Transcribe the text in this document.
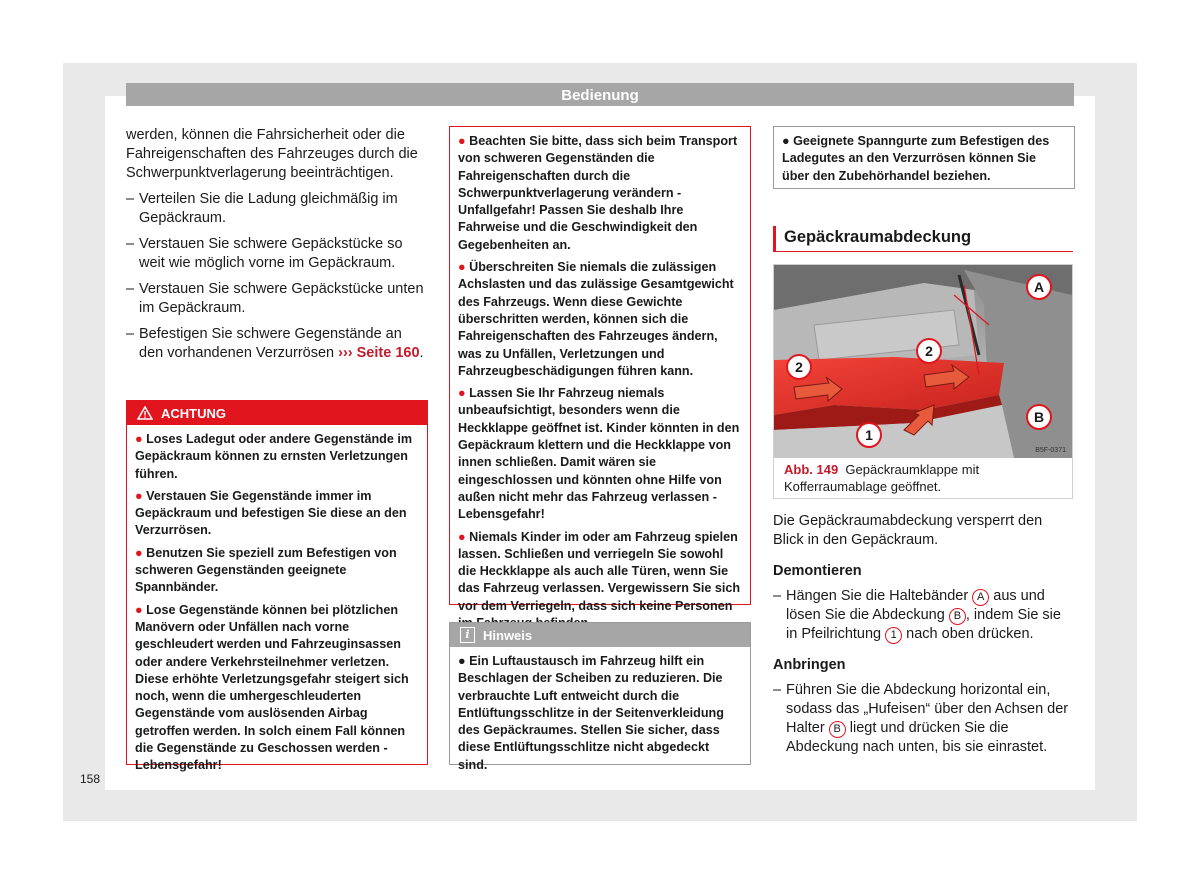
Bedienung

werden, können die Fahrsicherheit oder die Fahreigenschaften des Fahrzeuges durch die Schwerpunktverlagerung beeinträchtigen.

– Verteilen Sie die Ladung gleichmäßig im Gepäckraum.
– Verstauen Sie schwere Gepäckstücke so weit wie möglich vorne im Gepäckraum.
– Verstauen Sie schwere Gepäckstücke unten im Gepäckraum.
– Befestigen Sie schwere Gegenstände an den vorhandenen Verzurrösen ››› Seite 160.
ACHTUNG

● Loses Ladegut oder andere Gegenstände im Gepäckraum können zu ernsten Verletzungen führen.

● Verstauen Sie Gegenstände immer im Gepäckraum und befestigen Sie diese an den Verzurrösen.

● Benutzen Sie speziell zum Befestigen von schweren Gegenständen geeignete Spannbänder.

● Lose Gegenstände können bei plötzlichen Manövern oder Unfällen nach vorne geschleudert werden und Fahrzeuginsassen oder andere Verkehrsteilnehmer verletzen. Diese erhöhte Verletzungsgefahr steigert sich noch, wenn die umhergeschleuderten Gegenstände vom auslösenden Airbag getroffen werden. In solch einem Fall können die Gegenstände zu Geschossen werden - Lebensgefahr!

● Beachten Sie bitte, dass sich beim Transport von schweren Gegenständen die Fahreigenschaften durch die Schwerpunktverlagerung verändern - Unfallgefahr! Passen Sie deshalb Ihre Fahrweise und die Geschwindigkeit den Gegebenheiten an.

● Überschreiten Sie niemals die zulässigen Achslasten und das zulässige Gesamtgewicht des Fahrzeugs. Wenn diese Gewichte überschritten werden, können sich die Fahreigenschaften des Fahrzeuges ändern, was zu Unfällen, Verletzungen und Fahrzeugbeschädigungen führen kann.

● Lassen Sie Ihr Fahrzeug niemals unbeaufsichtigt, besonders wenn die Heckklappe geöffnet ist. Kinder könnten in den Gepäckraum klettern und die Heckklappe von innen schließen. Damit wären sie eingeschlossen und könnten ohne Hilfe von außen nicht mehr das Fahrzeug verlassen - Lebensgefahr!

● Niemals Kinder im oder am Fahrzeug spielen lassen. Schließen und verriegeln Sie sowohl die Heckklappe als auch alle Türen, wenn Sie das Fahrzeug verlassen. Vergewissern Sie sich vor dem Verriegeln, dass sich keine Personen

i	Hinweis

● Ein Luftaustausch im Fahrzeug hilft ein Beschlagen der Scheiben zu reduzieren. Die verbrauchte Luft entweicht durch die Entlüftungsschlitze in der Seitenverkleidung des Gepäckraumes. Stellen Sie sicher, dass diese Entlüftungsschlitze nicht abgedeckt sind.

● Geeignete Spanngurte zum Befestigen des Ladegutes an den Verzurrösen können Sie über den Zubehörhandel beziehen.

Gepäckraumabdeckung
A
B
1
2
2
B5F-0371
Abb. 149 Gepäckraumklappe mit Kofferraumablage geöffnet.

Die Gepäckraumabdeckung versperrt den Blick in den Gepäckraum.

Demontieren
– Hängen Sie die Haltebänder A aus und lösen Sie die Abdeckung B , indem Sie sie in Pfeilrichtung 1 nach oben drücken.
Anbringen
– Führen Sie die Abdeckung horizontal ein, sodass das „Hufeisen“ über den Achsen der Halter B liegt und drücken Sie die Abdeckung nach unten, bis sie einrastet.
158
